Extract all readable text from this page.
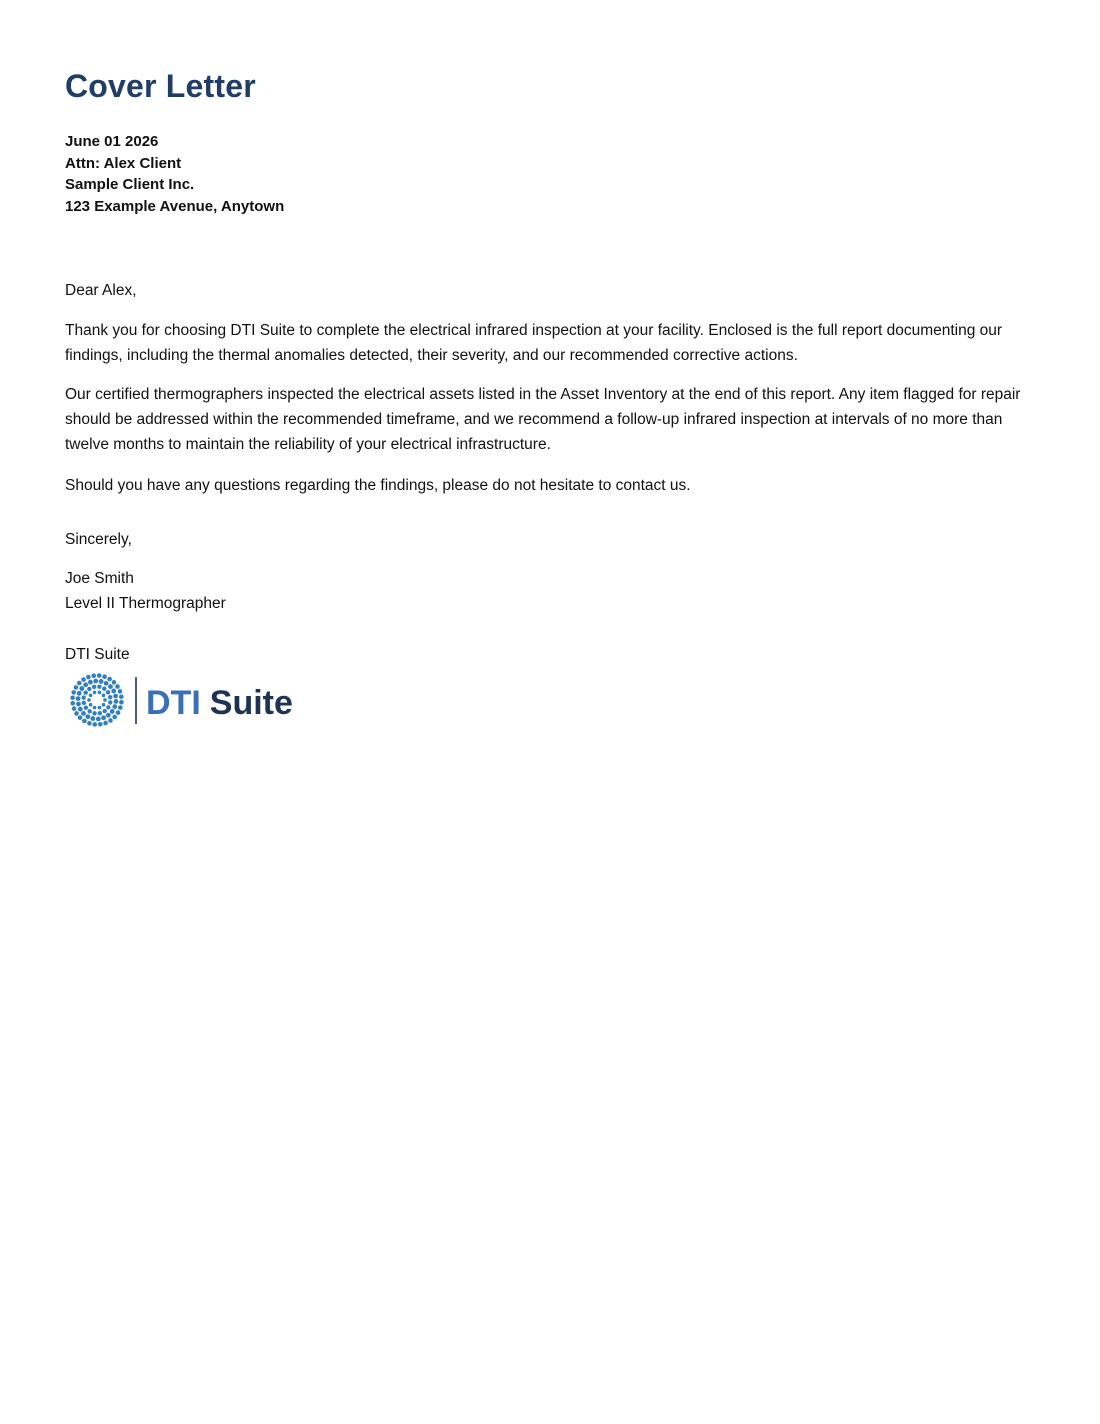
Cover Letter
June 01 2026
Attn: Alex Client
Sample Client Inc.
123 Example Avenue, Anytown
Dear Alex,

Thank you for choosing DTI Suite to complete the electrical infrared inspection at your facility. Enclosed is the full report documenting our findings, including the thermal anomalies detected, their severity, and our recommended corrective actions.

Our certified thermographers inspected the electrical assets listed in the Asset Inventory at the end of this report. Any item flagged for repair should be addressed within the recommended timeframe, and we recommend a follow-up infrared inspection at intervals of no more than twelve months to maintain the reliability of your electrical infrastructure.

Should you have any questions regarding the findings, please do not hesitate to contact us.

Sincerely,
Joe Smith
Level II Thermographer
DTI Suite
DTI Suite
